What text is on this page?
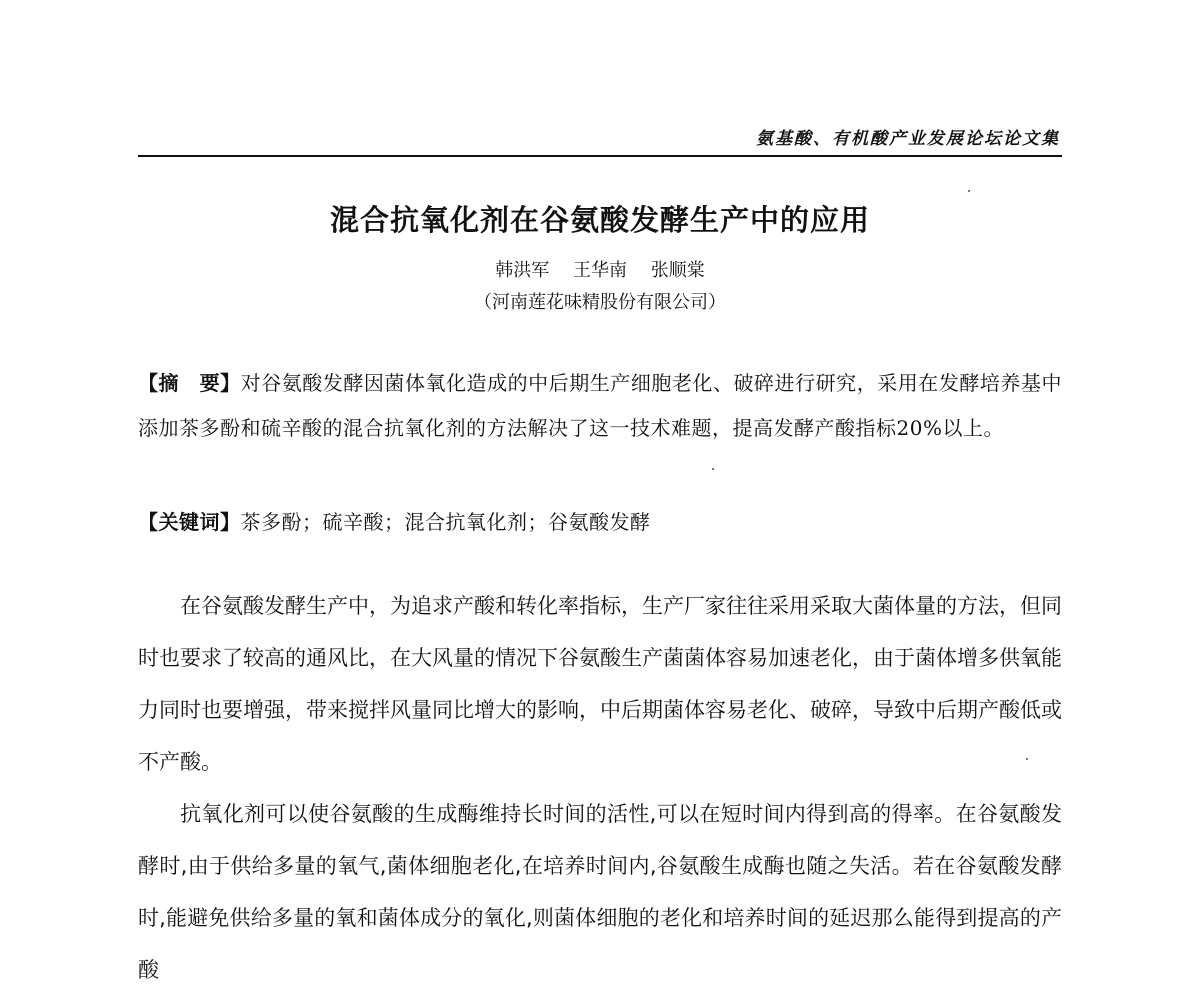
氨基酸、有机酸产业发展论坛论文集
混合抗氧化剂在谷氨酸发酵生产中的应用
韩洪军 王华南 张顺棠
（河南莲花味精股份有限公司）
【摘　要】对谷氨酸发酵因菌体氧化造成的中后期生产细胞老化、破碎进行研究，采用在发酵培养基中添加茶多酚和硫辛酸的混合抗氧化剂的方法解决了这一技术难题，提高发酵产酸指标20%以上。
【关键词】茶多酚；硫辛酸；混合抗氧化剂；谷氨酸发酵

在谷氨酸发酵生产中，为追求产酸和转化率指标，生产厂家往往采用采取大菌体量的方法，但同时也要求了较高的通风比，在大风量的情况下谷氨酸生产菌菌体容易加速老化，由于菌体增多供氧能力同时也要增强，带来搅拌风量同比增大的影响，中后期菌体容易老化、破碎，导致中后期产酸低或不产酸。

抗氧化剂可以使谷氨酸的生成酶维持长时间的活性,可以在短时间内得到高的得率。在谷氨酸发酵时,由于供给多量的氧气,菌体细胞老化,在培养时间内,谷氨酸生成酶也随之失活。若在谷氨酸发酵时,能避免供给多量的氧和菌体成分的氧化,则菌体细胞的老化和培养时间的延迟那么能得到提高的产酸
